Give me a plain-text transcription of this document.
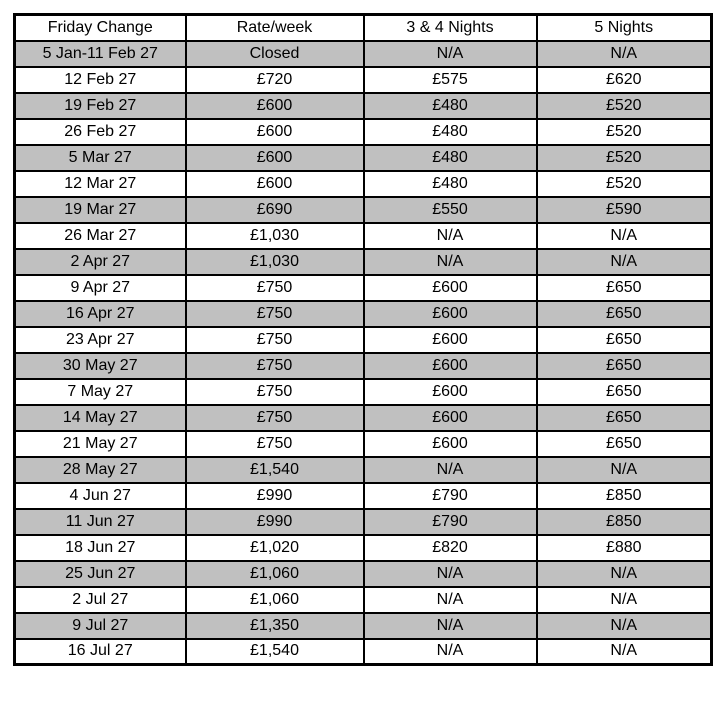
Friday Change	Rate/week	3 & 4 Nights	5 Nights
5 Jan-11 Feb 27	Closed	N/A	N/A
12 Feb 27	£720	£575	£620
19 Feb 27	£600	£480	£520
26 Feb 27	£600	£480	£520
5 Mar 27	£600	£480	£520
12 Mar 27	£600	£480	£520
19 Mar 27	£690	£550	£590
26 Mar 27	£1,030	N/A	N/A
2 Apr 27	£1,030	N/A	N/A
9 Apr 27	£750	£600	£650
16 Apr 27	£750	£600	£650
23 Apr 27	£750	£600	£650
30 May 27	£750	£600	£650
7 May 27	£750	£600	£650
14 May 27	£750	£600	£650
21 May 27	£750	£600	£650
28 May 27	£1,540	N/A	N/A
4 Jun 27	£990	£790	£850
11 Jun 27	£990	£790	£850
18 Jun 27	£1,020	£820	£880
25 Jun 27	£1,060	N/A	N/A
2 Jul 27	£1,060	N/A	N/A
9 Jul 27	£1,350	N/A	N/A
16 Jul 27	£1,540	N/A	N/A
